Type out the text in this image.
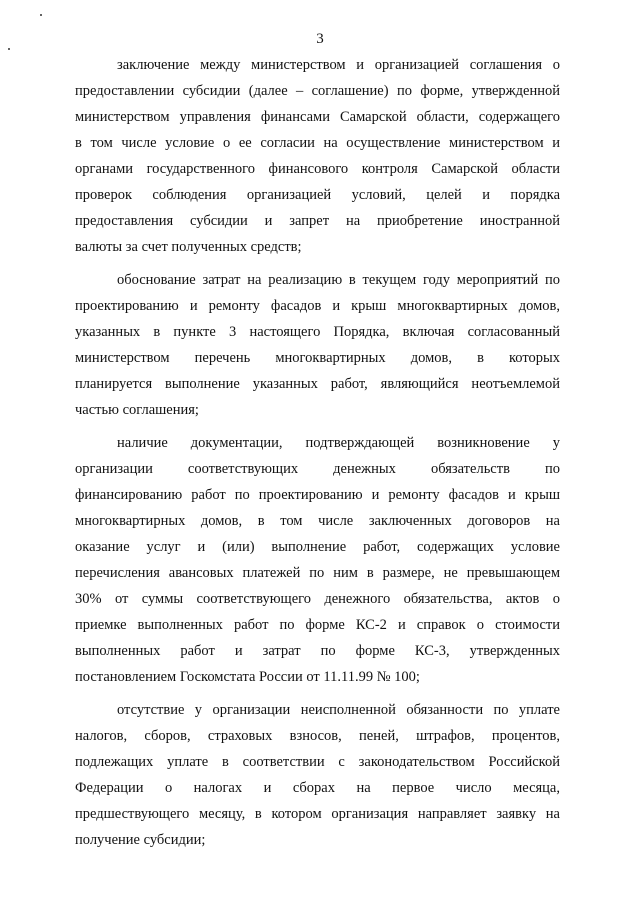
3
заключение между министерством и организацией соглашения о
предоставлении субсидии (далее – соглашение) по форме, утвержденной
министерством управления финансами Самарской области, содержащего
в том числе условие о ее согласии на осуществление министерством и
органами государственного финансового контроля Самарской области
проверок соблюдения организацией условий, целей и порядка
предоставления субсидии и запрет на приобретение иностранной
валюты за счет полученных средств;
обоснование затрат на реализацию в текущем году мероприятий по
проектированию и ремонту фасадов и крыш многоквартирных домов,
указанных в пункте 3 настоящего Порядка, включая согласованный
министерством перечень многоквартирных домов, в которых
планируется выполнение указанных работ, являющийся неотъемлемой
частью соглашения;
наличие документации, подтверждающей возникновение у
организации соответствующих денежных обязательств по
финансированию работ по проектированию и ремонту фасадов и крыш
многоквартирных домов, в том числе заключенных договоров на
оказание услуг и (или) выполнение работ, содержащих условие
перечисления авансовых платежей по ним в размере, не превышающем
30% от суммы соответствующего денежного обязательства, актов о
приемке выполненных работ по форме КС-2 и справок о стоимости
выполненных работ и затрат по форме КС-3, утвержденных
постановлением Госкомстата России от 11.11.99 № 100;
отсутствие у организации неисполненной обязанности по уплате
налогов, сборов, страховых взносов, пеней, штрафов, процентов,
подлежащих уплате в соответствии с законодательством Российской
Федерации о налогах и сборах на первое число месяца,
предшествующего месяцу, в котором организация направляет заявку на
получение субсидии;
